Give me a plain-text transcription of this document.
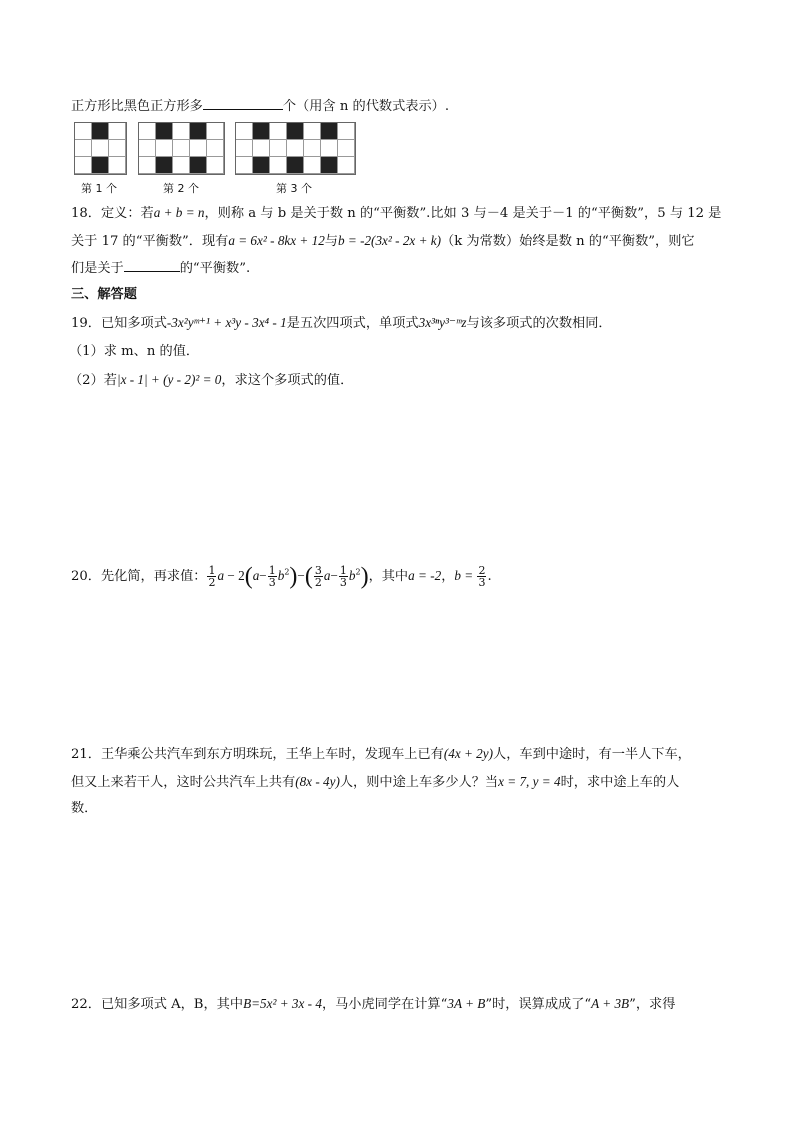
正方形比黑色正方形多	个（用含 n 的代数式表示）.
第 1 个	第 2 个	第 3 个
18．定义：若a + b = n，则称 a 与 b 是关于数 n 的“平衡数”.比如 3 与－4 是关于－1 的“平衡数”，5 与 12 是
关于 17 的“平衡数”．现有a = 6x² - 8kx + 12与b = -2(3x² - 2x + k)（k 为常数）始终是数 n 的“平衡数”，则它
们是关于	的“平衡数”.
三、解答题
19．已知多项式-3x²yᵐ⁺¹ + x³y - 3x⁴ - 1是五次四项式，单项式3x³ⁿy³⁻ᵐz与该多项式的次数相同．
（1）求 m、n 的值．
（2）若|x - 1| + (y - 2)² = 0，求这个多项式的值．
20．先化简，再求值： $\frac{1}{2}$ $a - 2(a- \frac{1}{3} b^2)-( \frac{3}{2} a- \frac{1}{3} b^2)$，其中a = -2，$b = \frac{2}{3}$ .
21．王华乘公共汽车到东方明珠玩，王华上车时，发现车上已有(4x + 2y)人，车到中途时，有一半人下车，
但又上来若干人，这时公共汽车上共有(8x - 4y)人，则中途上车多少人？当x = 7, y = 4时，求中途上车的人
数．
22．已知多项式 A，B，其中B=5x² + 3x - 4，马小虎同学在计算“3A + B”时，误算成成了“A + 3B”，求得
